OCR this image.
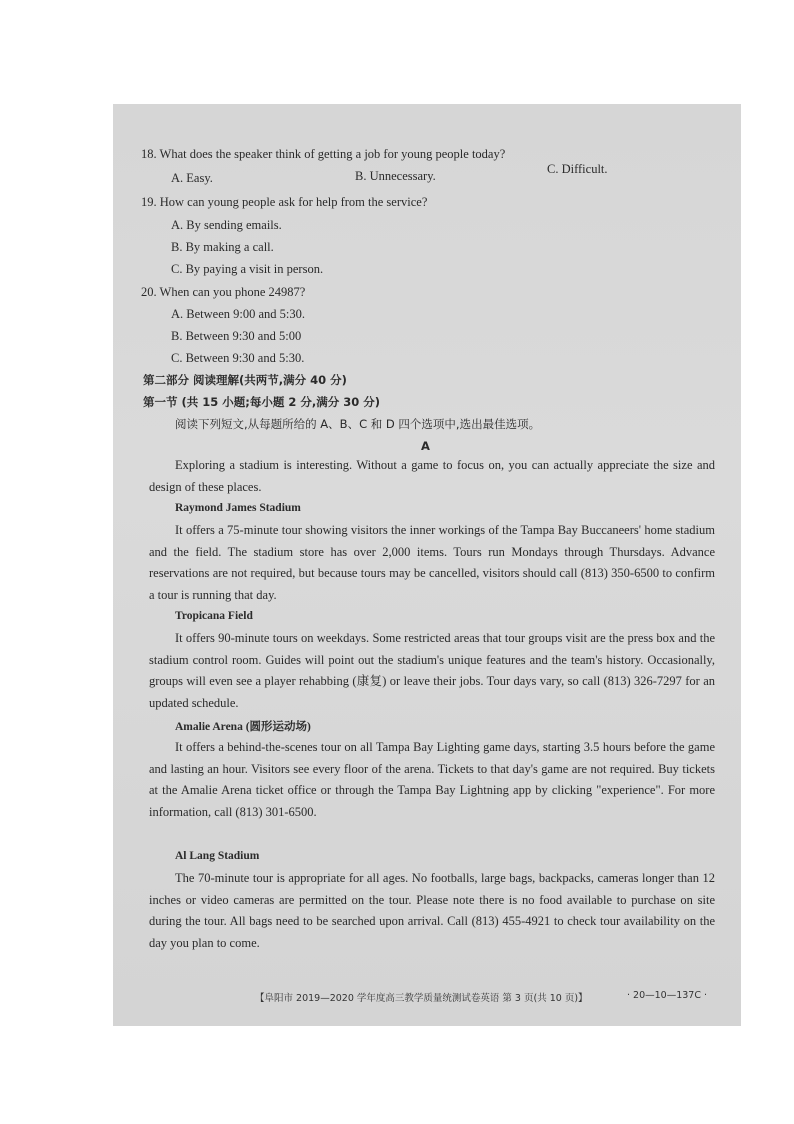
18. What does the speaker think of getting a job for young people today?
A. Easy.	B. Unnecessary.	C. Difficult.
19. How can young people ask for help from the service?
A. By sending emails.
B. By making a call.
C. By paying a visit in person.
20. When can you phone 24987?
A. Between 9:00 and 5:30.
B. Between 9:30 and 5:00
C. Between 9:30 and 5:30.
第二部分 阅读理解(共两节,满分 40 分)
第一节 (共 15 小题;每小题 2 分,满分 30 分)
阅读下列短文,从每题所给的 A、B、C 和 D 四个选项中,选出最佳选项。
A

Exploring a stadium is interesting. Without a game to focus on, you can actually appreciate the size and design of these places.

Raymond James Stadium

It offers a 75-minute tour showing visitors the inner workings of the Tampa Bay Buccaneers' home stadium and the field. The stadium store has over 2,000 items. Tours run Mondays through Thursdays. Advance reservations are not required, but because tours may be cancelled, visitors should call (813) 350-6500 to confirm a tour is running that day.

Tropicana Field

It offers 90-minute tours on weekdays. Some restricted areas that tour groups visit are the press box and the stadium control room. Guides will point out the stadium's unique features and the team's history. Occasionally, groups will even see a player rehabbing (康复) or leave their jobs. Tour days vary, so call (813) 326-7297 for an updated schedule.

Amalie Arena (圆形运动场)

It offers a behind-the-scenes tour on all Tampa Bay Lighting game days, starting 3.5 hours before the game and lasting an hour. Visitors see every floor of the arena. Tickets to that day's game are not required. Buy tickets at the Amalie Arena ticket office or through the Tampa Bay Lightning app by clicking "experience". For more information, call (813) 301-6500.

Al Lang Stadium

The 70-minute tour is appropriate for all ages. No footballs, large bags, backpacks, cameras longer than 12 inches or video cameras are permitted on the tour. Please note there is no food available to purchase on site during the tour. All bags need to be searched upon arrival. Call (813) 455-4921 to check tour availability on the day you plan to come.

【阜阳市 2019—2020 学年度高三教学质量统测试卷英语 第 3 页(共 10 页)】	· 20—10—137C ·
